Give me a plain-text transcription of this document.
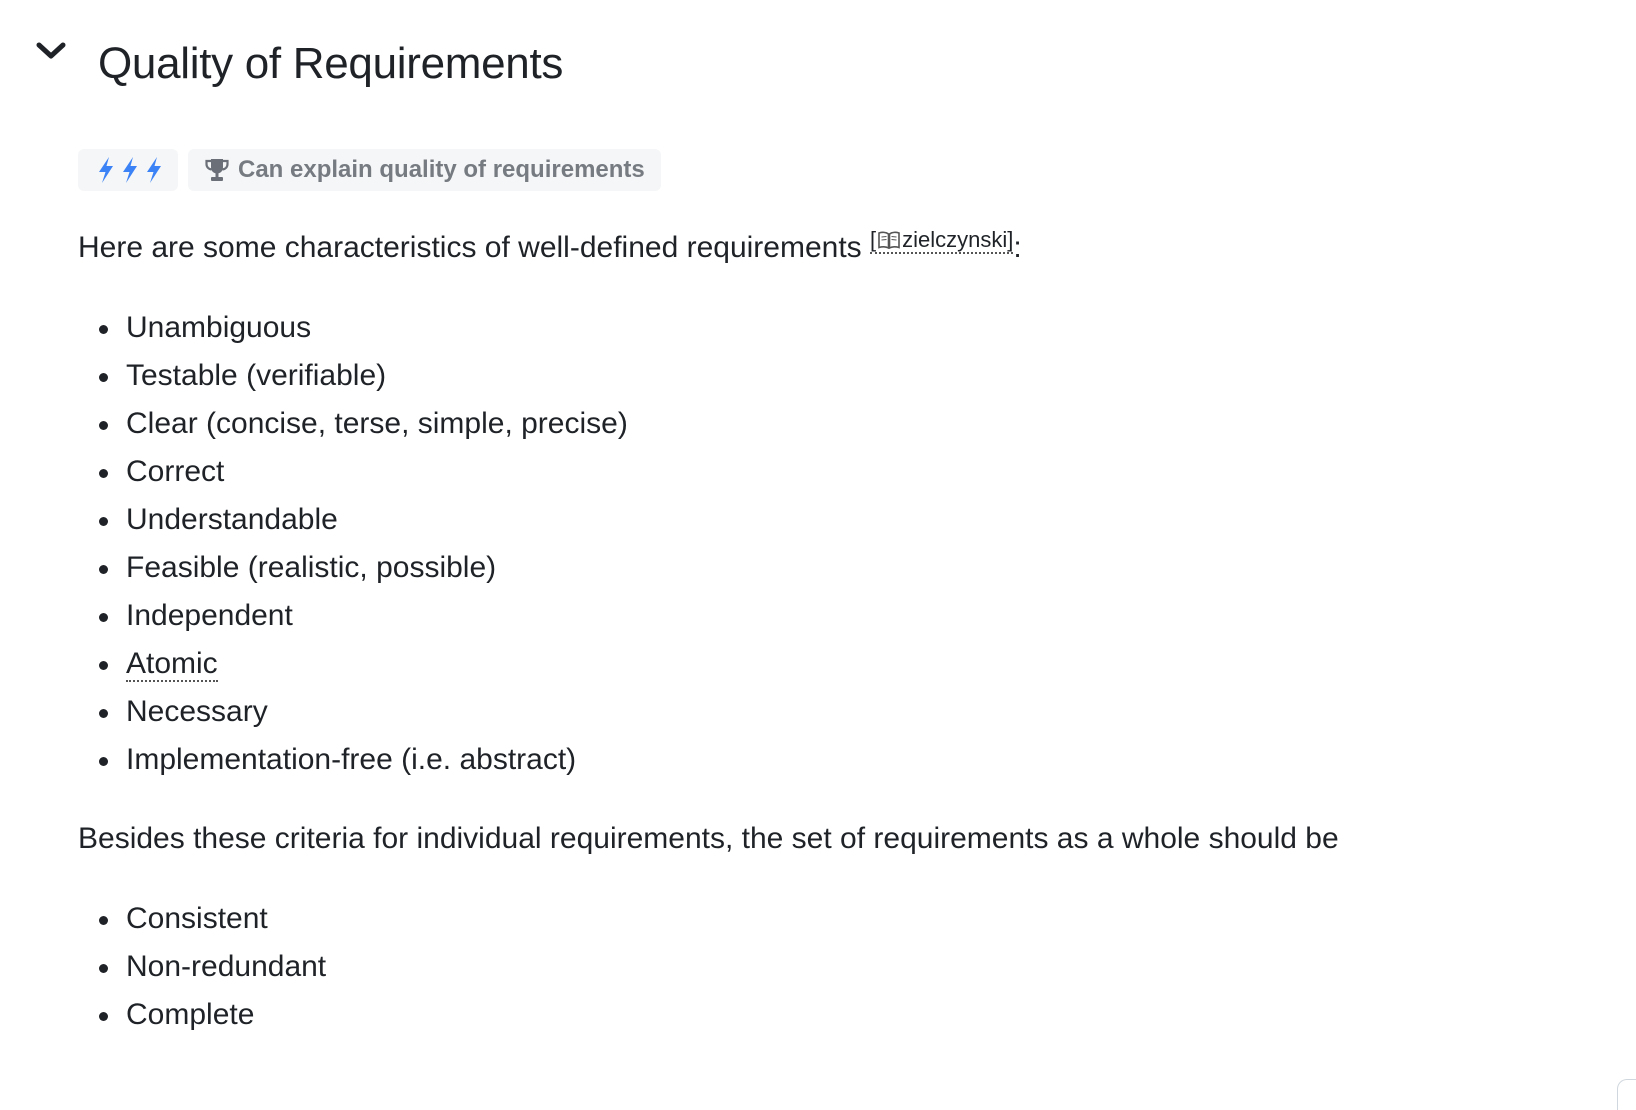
Quality of Requirements
Can explain quality of requirements

Here are some characteristics of well-defined requirements [ zielczynski]:

Unambiguous
Testable (verifiable)
Clear (concise, terse, simple, precise)
Correct
Understandable
Feasible (realistic, possible)
Independent
Atomic
Necessary
Implementation-free (i.e. abstract)

Besides these criteria for individual requirements, the set of requirements as a whole should be

Consistent
Non-redundant
Complete
